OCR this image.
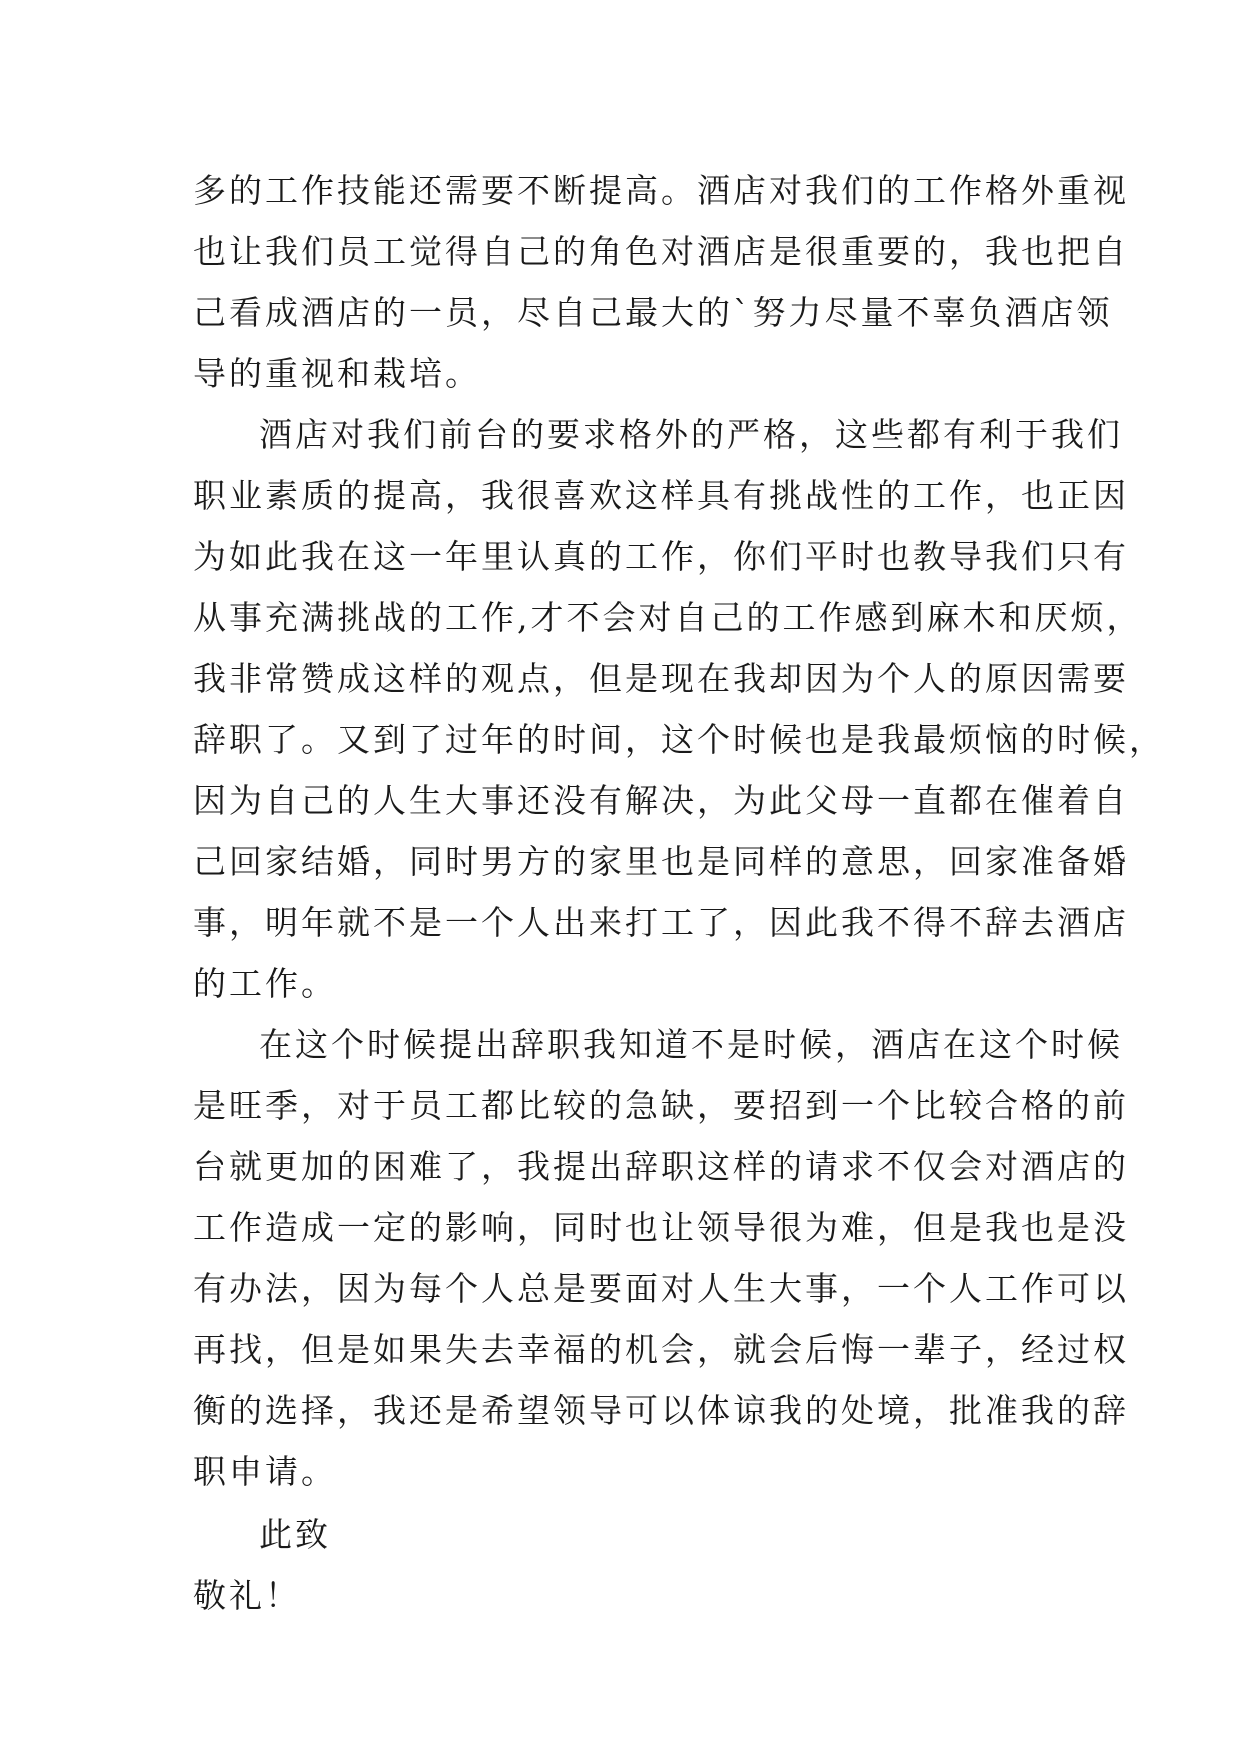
多的工作技能还需要不断提高。酒店对我们的工作格外重视
也让我们员工觉得自己的角色对酒店是很重要的，我也把自
己看成酒店的一员，尽自己最大的`努力尽量不辜负酒店领
导的重视和栽培。
酒店对我们前台的要求格外的严格，这些都有利于我们
职业素质的提高，我很喜欢这样具有挑战性的工作，也正因
为如此我在这一年里认真的工作，你们平时也教导我们只有
从事充满挑战的工作,才不会对自己的工作感到麻木和厌烦，
我非常赞成这样的观点，但是现在我却因为个人的原因需要
辞职了。又到了过年的时间，这个时候也是我最烦恼的时候，
因为自己的人生大事还没有解决，为此父母一直都在催着自
己回家结婚，同时男方的家里也是同样的意思，回家准备婚
事，明年就不是一个人出来打工了，因此我不得不辞去酒店
的工作。
在这个时候提出辞职我知道不是时候，酒店在这个时候
是旺季，对于员工都比较的急缺，要招到一个比较合格的前
台就更加的困难了，我提出辞职这样的请求不仅会对酒店的
工作造成一定的影响，同时也让领导很为难，但是我也是没
有办法，因为每个人总是要面对人生大事，一个人工作可以
再找，但是如果失去幸福的机会，就会后悔一辈子，经过权
衡的选择，我还是希望领导可以体谅我的处境，批准我的辞
职申请。
此致
敬礼！
